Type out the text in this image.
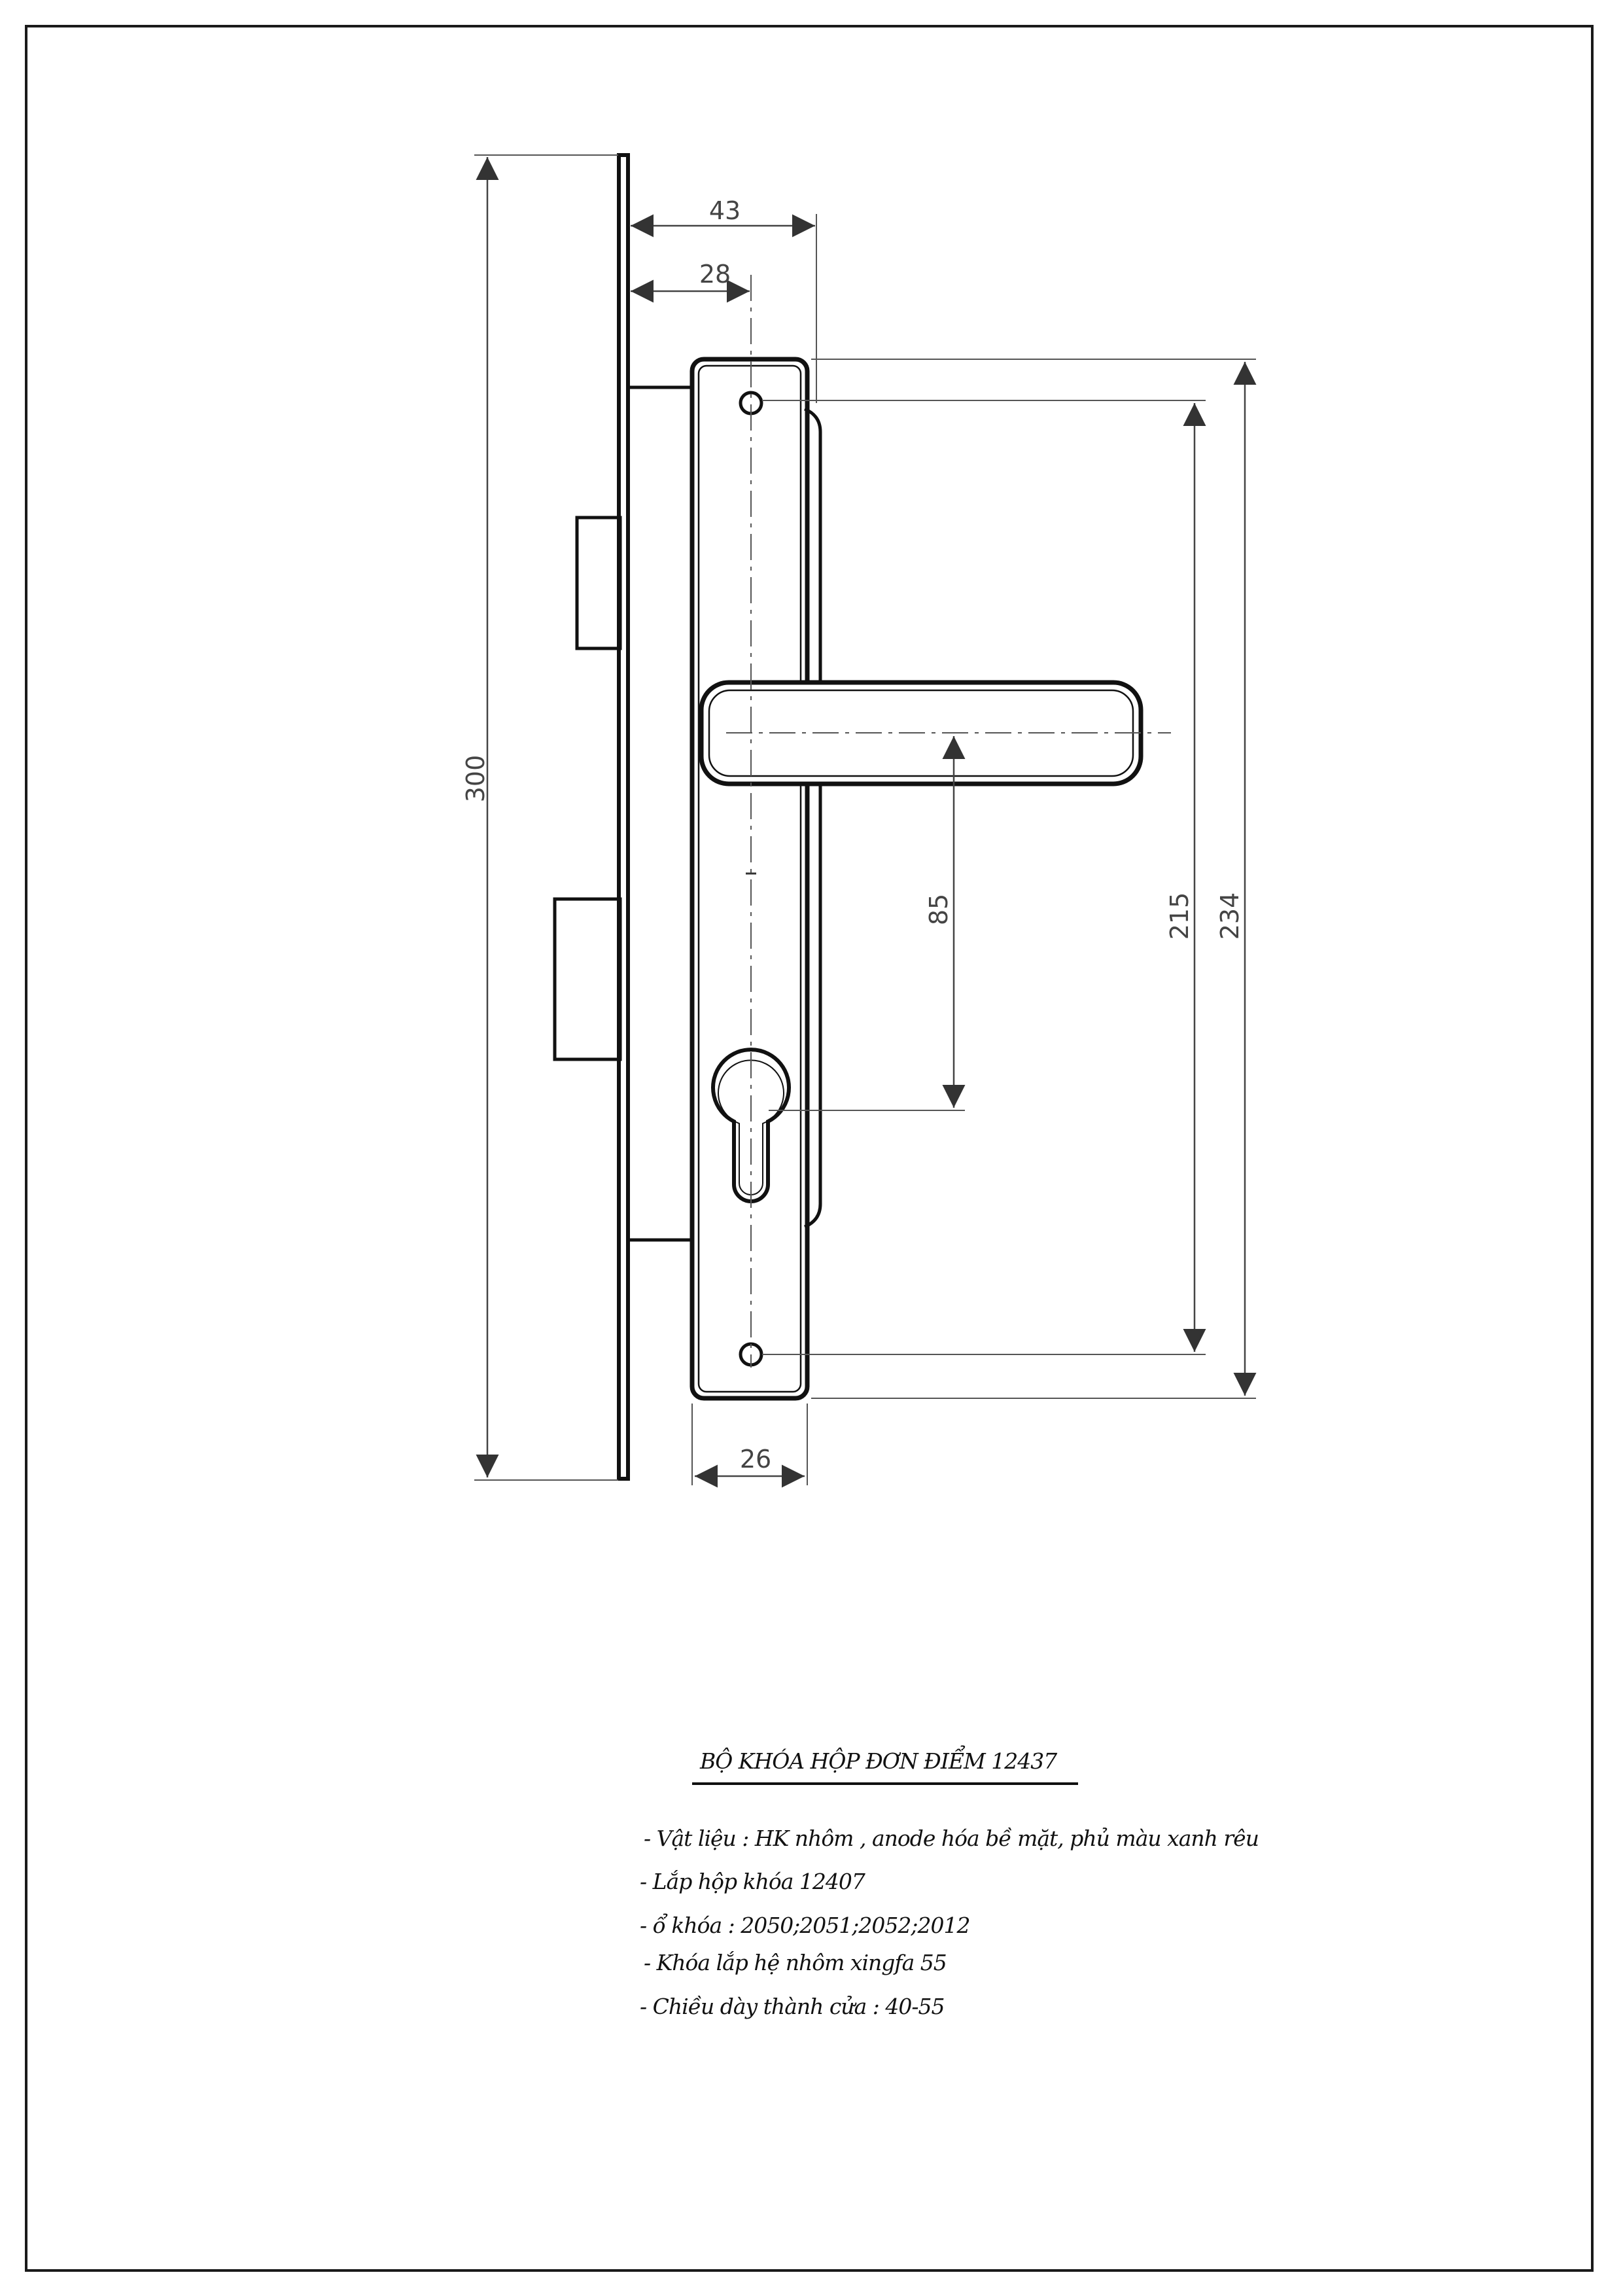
300
43
28
85	215 234
26
BỘ KHÓA HỘP ĐƠN ĐIỂM 12437
- Vật liệu : HK nhôm , anode hóa bề mặt, phủ màu xanh rêu
- Lắp hộp khóa 12407
- ổ khóa : 2050;2051;2052;2012
- Khóa lắp hệ nhôm xingfa 55
- Chiều dày thành cửa : 40-55
